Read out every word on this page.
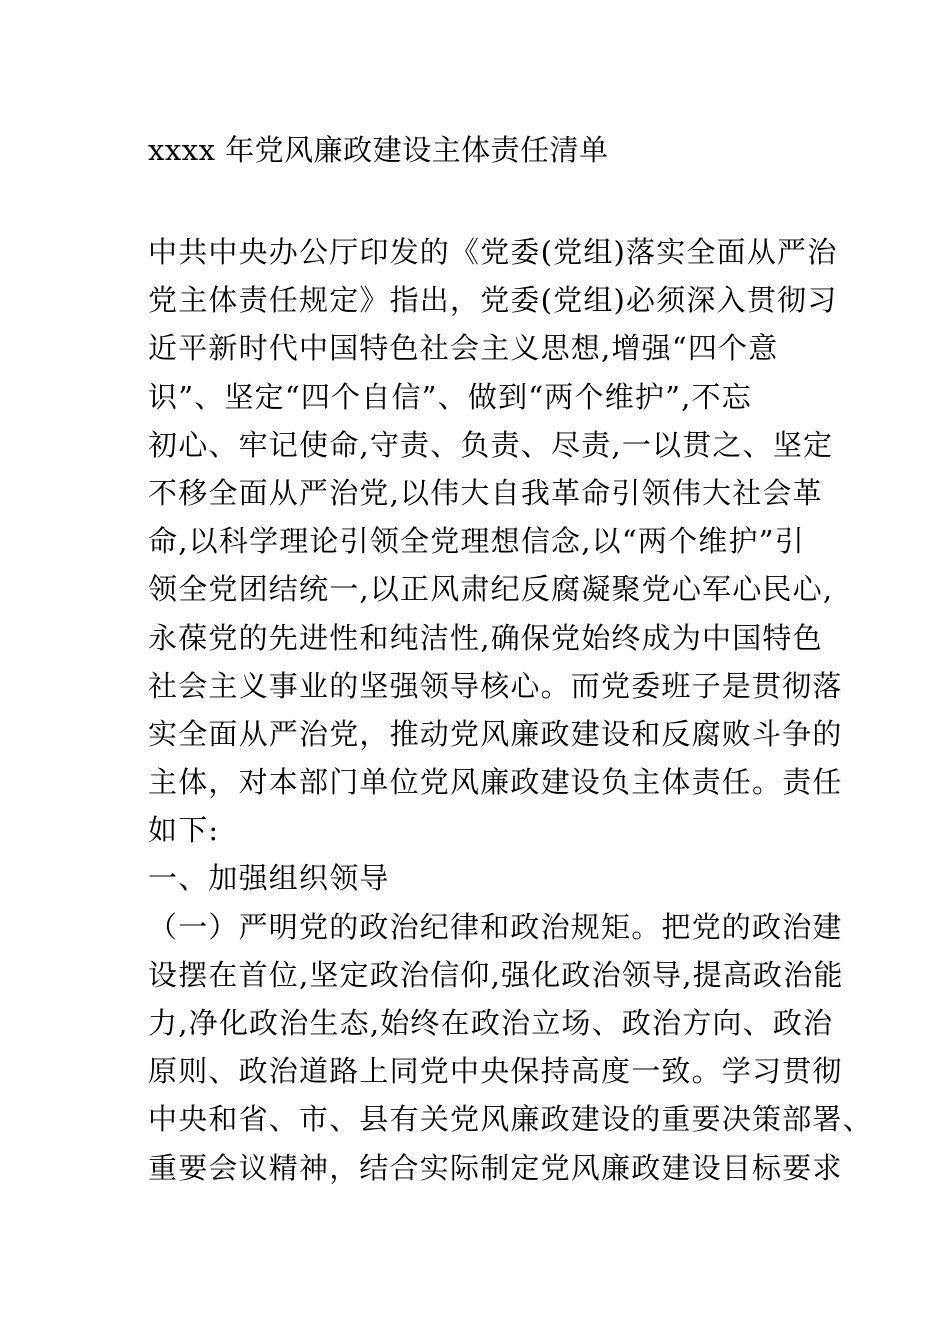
xxxx 年党风廉政建设主体责任清单
中共中央办公厅印发的《党委(党组)落实全面从严治
党主体责任规定》指出，党委(党组)必须深入贯彻习
近平新时代中国特色社会主义思想,增强“四个意
识”、坚定“四个自信”、做到“两个维护”,不忘
初心、牢记使命,守责、负责、尽责,一以贯之、坚定
不移全面从严治党,以伟大自我革命引领伟大社会革
命,以科学理论引领全党理想信念,以“两个维护”引
领全党团结统一,以正风肃纪反腐凝聚党心军心民心,
永葆党的先进性和纯洁性,确保党始终成为中国特色
社会主义事业的坚强领导核心。而党委班子是贯彻落
实全面从严治党，推动党风廉政建设和反腐败斗争的
主体，对本部门单位党风廉政建设负主体责任。责任
如下:
一、加强组织领导
（一）严明党的政治纪律和政治规矩。把党的政治建
设摆在首位,坚定政治信仰,强化政治领导,提高政治能
力,净化政治生态,始终在政治立场、政治方向、政治
原则、政治道路上同党中央保持高度一致。学习贯彻
中央和省、市、县有关党风廉政建设的重要决策部署、
重要会议精神，结合实际制定党风廉政建设目标要求
